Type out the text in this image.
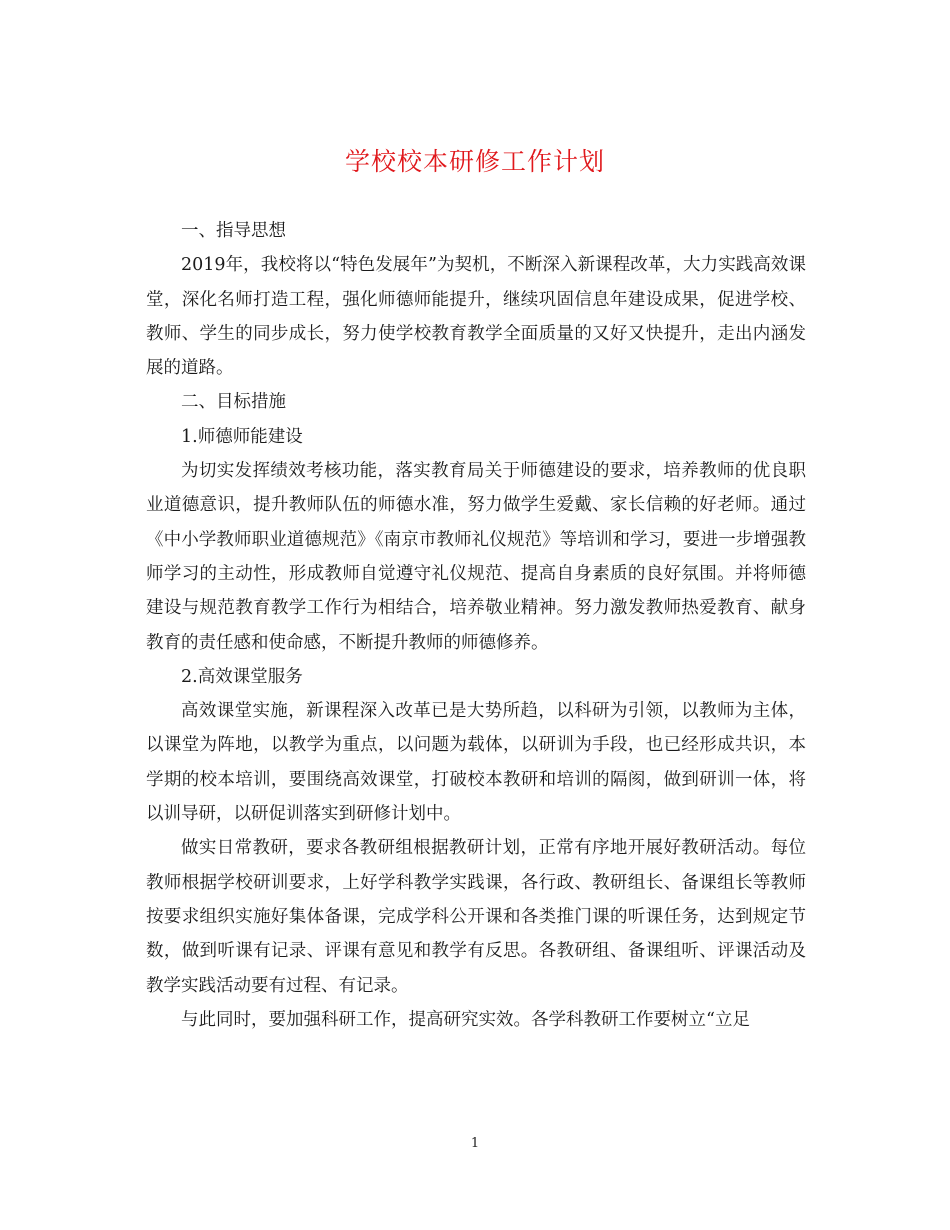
学校校本研修工作计划

一、指导思想

2019年，我校将以“特色发展年”为契机，不断深入新课程改革，大力实践高效课堂，深化名师打造工程，强化师德师能提升，继续巩固信息年建设成果，促进学校、教师、学生的同步成长，努力使学校教育教学全面质量的又好又快提升，走出内涵发展的道路。

二、目标措施

1.师德师能建设

为切实发挥绩效考核功能，落实教育局关于师德建设的要求，培养教师的优良职业道德意识，提升教师队伍的师德水准，努力做学生爱戴、家长信赖的好老师。通过《中小学教师职业道德规范》《南京市教师礼仪规范》等培训和学习，要进一步增强教师学习的主动性，形成教师自觉遵守礼仪规范、提高自身素质的良好氛围。并将师德建设与规范教育教学工作行为相结合，培养敬业精神。努力激发教师热爱教育、献身教育的责任感和使命感，不断提升教师的师德修养。

2.高效课堂服务

高效课堂实施，新课程深入改革已是大势所趋，以科研为引领，以教师为主体，以课堂为阵地，以教学为重点，以问题为载体，以研训为手段，也已经形成共识，本学期的校本培训，要围绕高效课堂，打破校本教研和培训的隔阂，做到研训一体，将以训导研，以研促训落实到研修计划中。

做实日常教研，要求各教研组根据教研计划，正常有序地开展好教研活动。每位教师根据学校研训要求，上好学科教学实践课，各行政、教研组长、备课组长等教师按要求组织实施好集体备课，完成学科公开课和各类推门课的听课任务，达到规定节数，做到听课有记录、评课有意见和教学有反思。各教研组、备课组听、评课活动及教学实践活动要有过程、有记录。

与此同时，要加强科研工作，提高研究实效。各学科教研工作要树立“立足

1
